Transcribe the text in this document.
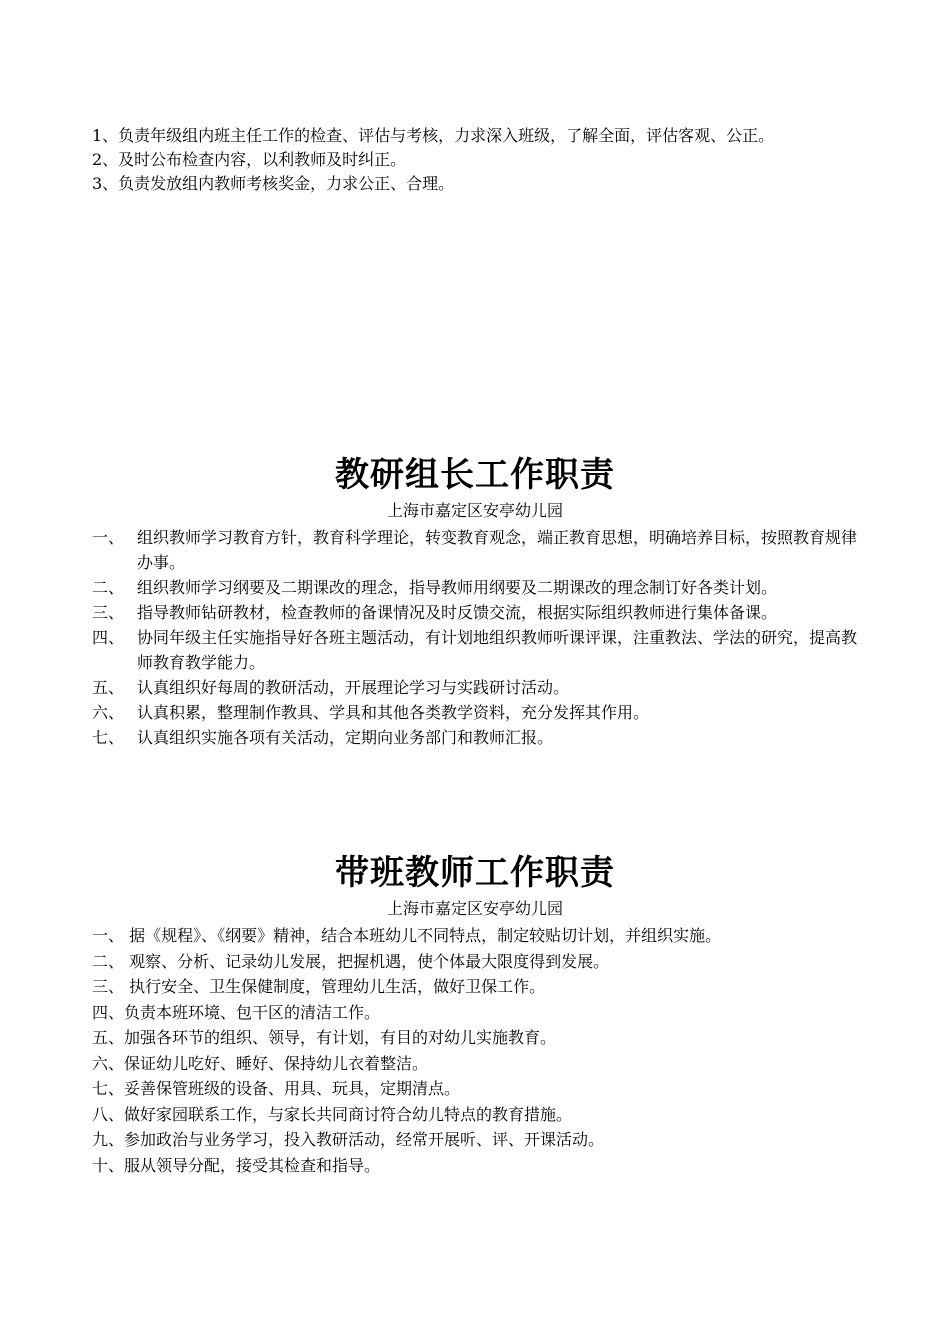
1、负责年级组内班主任工作的检查、评估与考核，力求深入班级，了解全面，评估客观、公正。

2、及时公布检查内容，以利教师及时纠正。

3、负责发放组内教师考核奖金，力求公正、合理。

教研组长工作职责

上海市嘉定区安亭幼儿园

一、 组织教师学习教育方针，教育科学理论，转变教育观念，端正教育思想，明确培养目标，按照教育规律办事。
二、 组织教师学习纲要及二期课改的理念，指导教师用纲要及二期课改的理念制订好各类计划。
三、 指导教师钻研教材，检查教师的备课情况及时反馈交流，根据实际组织教师进行集体备课。
四、 协同年级主任实施指导好各班主题活动，有计划地组织教师听课评课，注重教法、学法的研究，提高教师教育教学能力。
五、 认真组织好每周的教研活动，开展理论学习与实践研讨活动。
六、 认真积累，整理制作教具、学具和其他各类教学资料，充分发挥其作用。
七、 认真组织实施各项有关活动，定期向业务部门和教师汇报。
带班教师工作职责

上海市嘉定区安亭幼儿园

一、 据《规程》、《纲要》精神，结合本班幼儿不同特点，制定较贴切计划，并组织实施。
二、 观察、分析、记录幼儿发展，把握机遇，使个体最大限度得到发展。
三、 执行安全、卫生保健制度，管理幼儿生活，做好卫保工作。
四、负责本班环境、包干区的清洁工作。
五、加强各环节的组织、领导，有计划，有目的对幼儿实施教育。
六、保证幼儿吃好、睡好、保持幼儿衣着整洁。
七、妥善保管班级的设备、用具、玩具，定期清点。
八、做好家园联系工作，与家长共同商讨符合幼儿特点的教育措施。
九、参加政治与业务学习，投入教研活动，经常开展听、评、开课活动。
十、服从领导分配，接受其检查和指导。
